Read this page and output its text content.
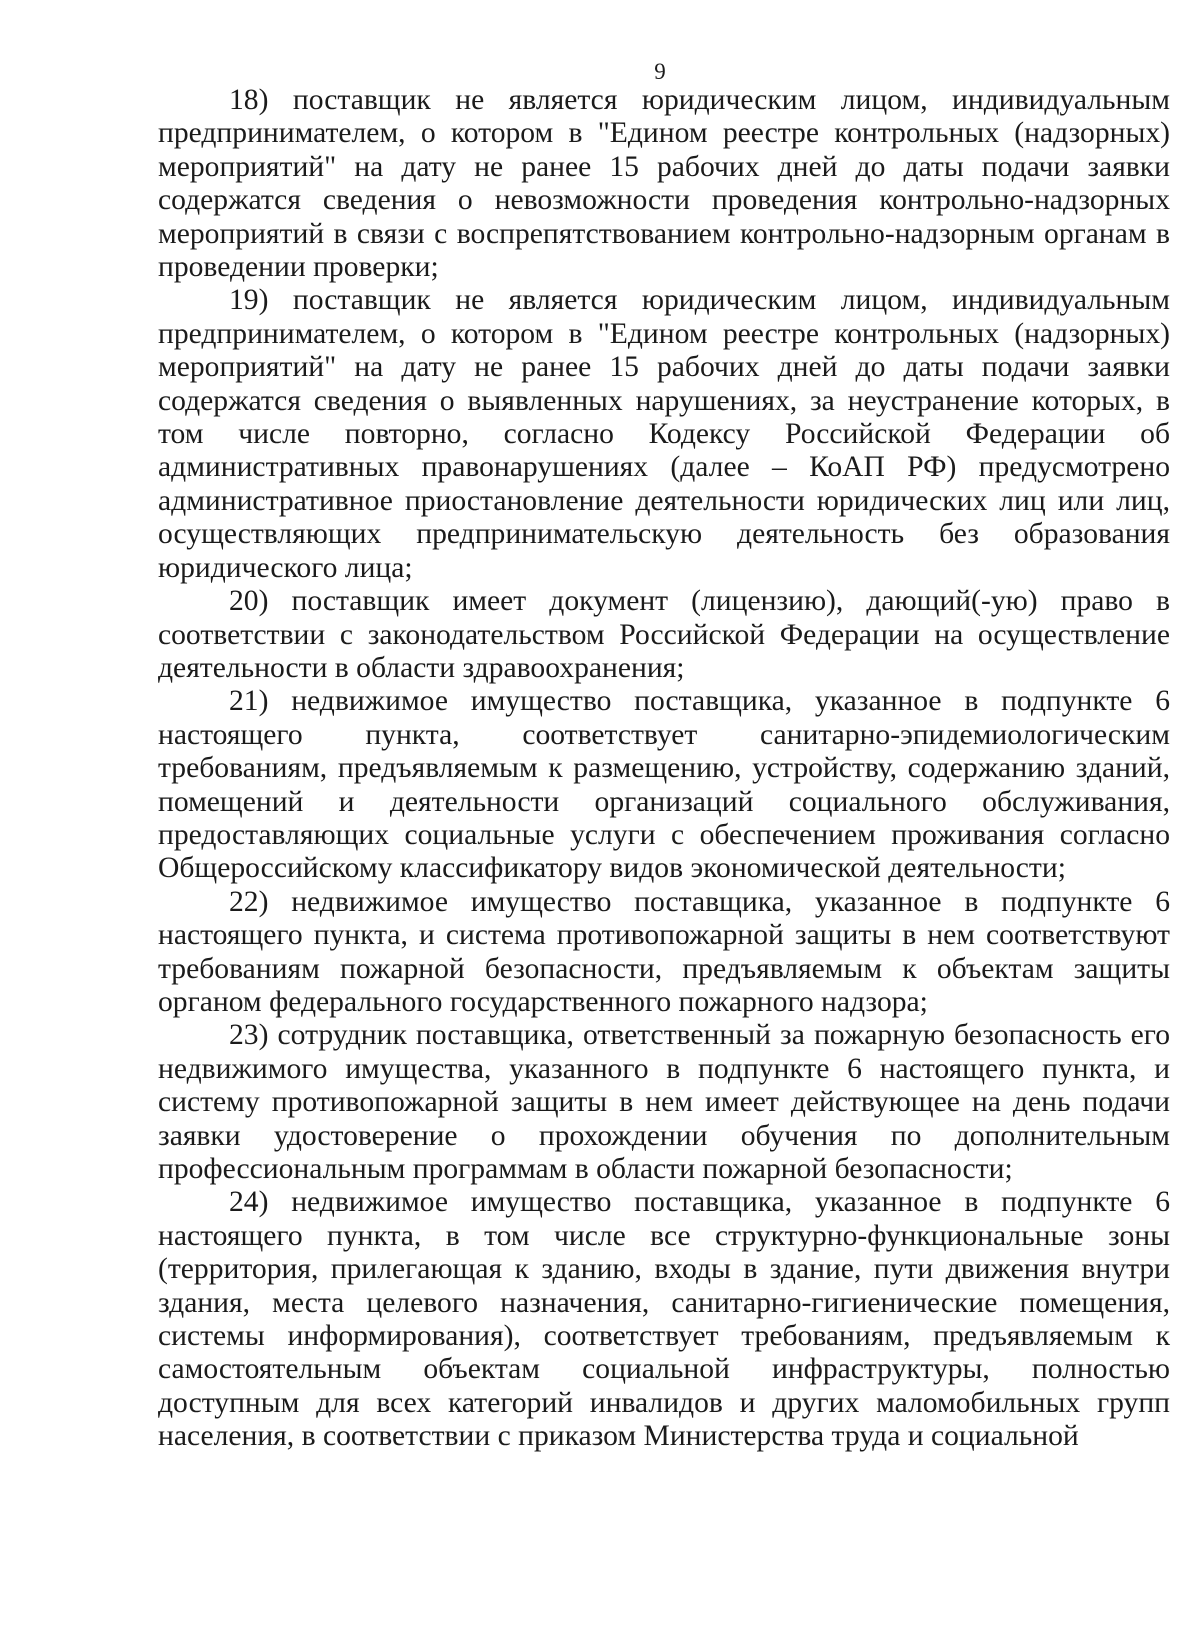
9

18) поставщик не является юридическим лицом, индивидуальным предпринимателем, о котором в "Едином реестре контрольных (надзорных) мероприятий" на дату не ранее 15 рабочих дней до даты подачи заявки содержатся сведения о невозможности проведения контрольно-надзорных мероприятий в связи с воспрепятствованием контрольно-надзорным органам в проведении проверки;

19) поставщик не является юридическим лицом, индивидуальным предпринимателем, о котором в "Едином реестре контрольных (надзорных) мероприятий" на дату не ранее 15 рабочих дней до даты подачи заявки содержатся сведения о выявленных нарушениях, за неустранение которых, в том числе повторно, согласно Кодексу Российской Федерации об административных правонарушениях (далее – КоАП РФ) предусмотрено административное приостановление деятельности юридических лиц или лиц, осуществляющих предпринимательскую деятельность без образования юридического лица;

20) поставщик имеет документ (лицензию), дающий(-ую) право в соответствии с законодательством Российской Федерации на осуществление деятельности в области здравоохранения;

21) недвижимое имущество поставщика, указанное в подпункте 6 настоящего пункта, соответствует санитарно-эпидемиологическим требованиям, предъявляемым к размещению, устройству, содержанию зданий, помещений и деятельности организаций социального обслуживания, предоставляющих социальные услуги с обеспечением проживания согласно Общероссийскому классификатору видов экономической деятельности;

22) недвижимое имущество поставщика, указанное в подпункте 6 настоящего пункта, и система противопожарной защиты в нем соответствуют требованиям пожарной безопасности, предъявляемым к объектам защиты органом федерального государственного пожарного надзора;

23) сотрудник поставщика, ответственный за пожарную безопасность его недвижимого имущества, указанного в подпункте 6 настоящего пункта, и систему противопожарной защиты в нем имеет действующее на день подачи заявки удостоверение о прохождении обучения по дополнительным профессиональным программам в области пожарной безопасности;

24) недвижимое имущество поставщика, указанное в подпункте 6 настоящего пункта, в том числе все структурно-функциональные зоны (территория, прилегающая к зданию, входы в здание, пути движения внутри здания, места целевого назначения, санитарно-гигиенические помещения, системы информирования), соответствует требованиям, предъявляемым к самостоятельным объектам социальной инфраструктуры, полностью доступным для всех категорий инвалидов и других маломобильных групп населения, в соответствии с приказом Министерства труда и социальной
